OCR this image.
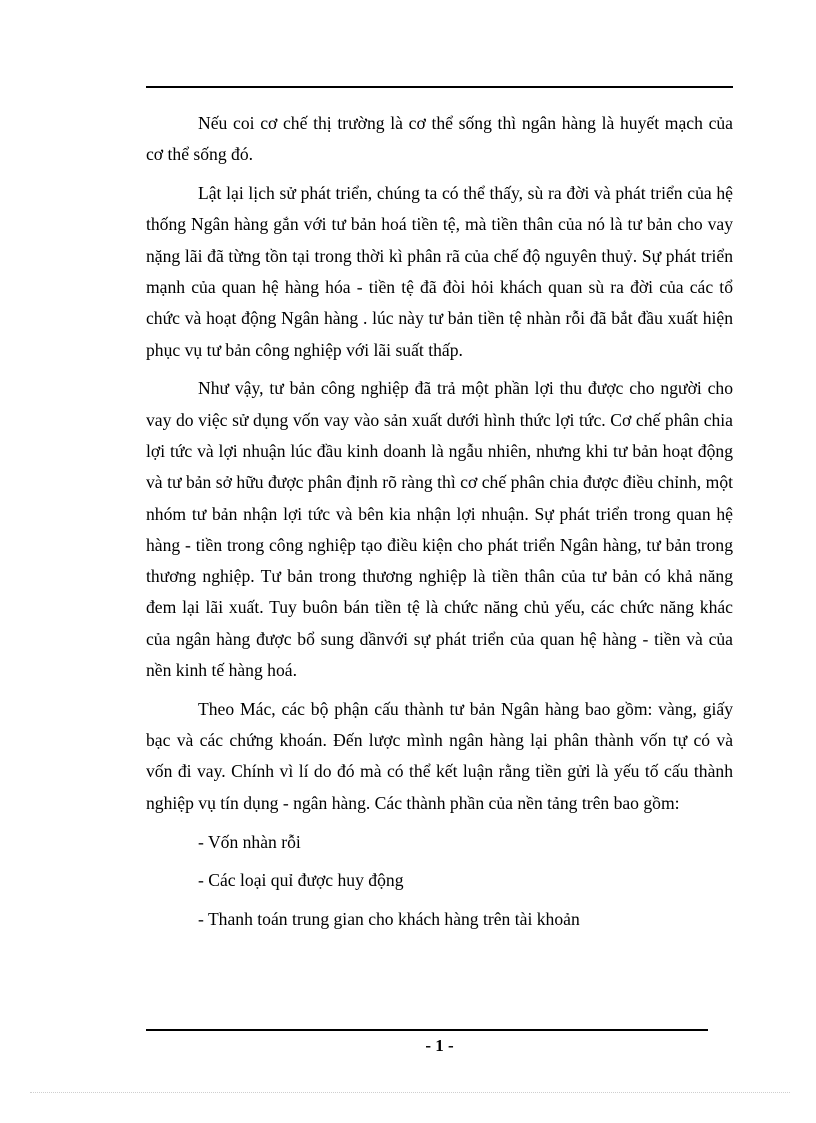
Nếu coi cơ chế thị trường là cơ thể sống thì ngân hàng là huyết mạch của cơ thể sống đó.

Lật lại lịch sử phát triển, chúng ta có thể thấy, sù ra đời và phát triển của hệ thống Ngân hàng gắn với tư bản hoá tiền tệ, mà tiền thân của nó là tư bản cho vay nặng lãi đã từng tồn tại trong thời kì phân rã của chế độ nguyên thuỷ. Sự phát triển mạnh của quan hệ hàng hóa - tiền tệ đã đòi hỏi khách quan sù ra đời của các tổ chức và hoạt động Ngân hàng . lúc này tư bản tiền tệ nhàn rỗi đã bắt đầu xuất hiện phục vụ tư bản công nghiệp với lãi suất thấp.

Như vậy, tư bản công nghiệp đã trả một phần lợi thu được cho người cho vay do việc sử dụng vốn vay vào sản xuất dưới hình thức lợi tức. Cơ chế phân chia lợi tức và lợi nhuận lúc đầu kinh doanh là ngẫu nhiên, nhưng khi tư bản hoạt động và tư bản sở hữu được phân định rõ ràng thì cơ chế phân chia được điều chỉnh, một nhóm tư bản nhận lợi tức và bên kia nhận lợi nhuận. Sự phát triển trong quan hệ hàng - tiền trong công nghiệp tạo điều kiện cho phát triển Ngân hàng, tư bản trong thương nghiệp. Tư bản trong thương nghiệp là tiền thân của tư bản có khả năng đem lại lãi xuất. Tuy buôn bán tiền tệ là chức năng chủ yếu, các chức năng khác của ngân hàng được bổ sung dầnvới sự phát triển của quan hệ hàng - tiền và của nền kinh tế hàng hoá.

Theo Mác, các bộ phận cấu thành tư bản Ngân hàng bao gồm: vàng, giấy bạc và các chứng khoán. Đến lược mình ngân hàng lại phân thành vốn tự có và vốn đi vay. Chính vì lí do đó mà có thể kết luận rằng tiền gửi là yếu tố cấu thành nghiệp vụ tín dụng - ngân hàng. Các thành phần của nền tảng trên bao gồm:

- Vốn nhàn rỗi

- Các loại quỉ được huy động

- Thanh toán trung gian cho khách hàng trên tài khoản

- 1 -
